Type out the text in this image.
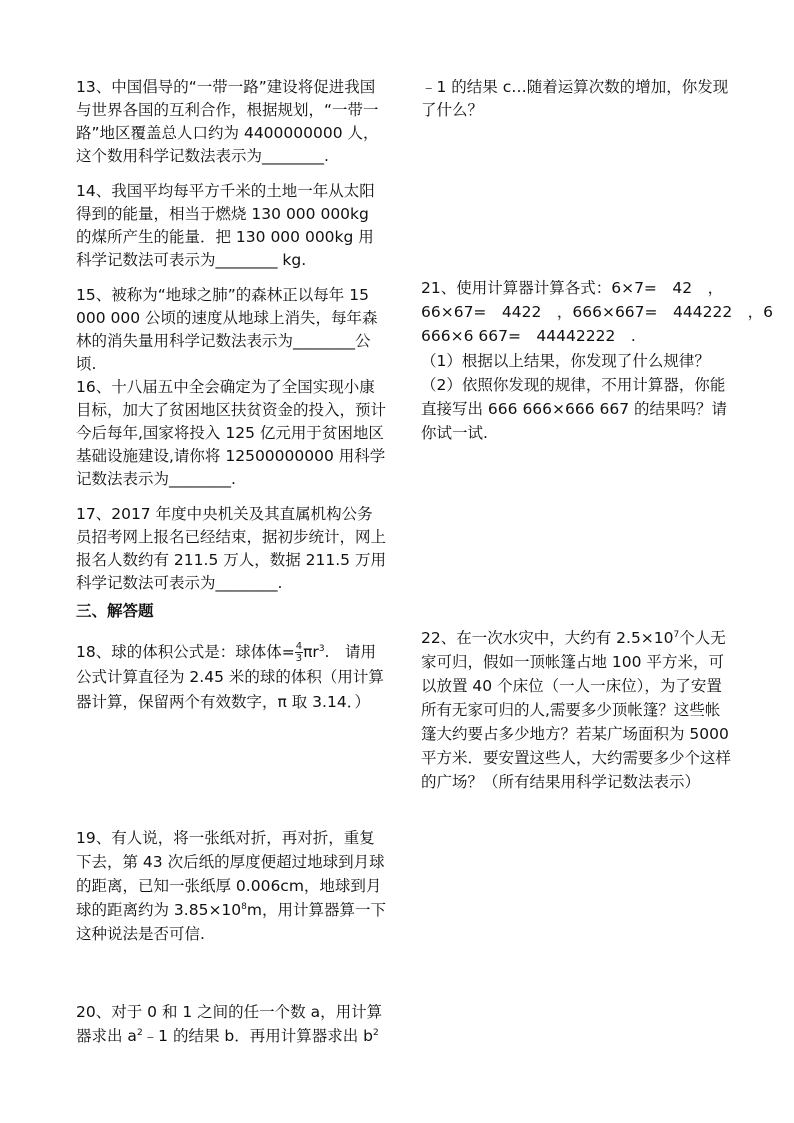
13、中国倡导的“一带一路”建设将促进我国与世界各国的互利合作，根据规划，“一带一路”地区覆盖总人口约为 4400000000 人，这个数用科学记数法表示为________.

14、我国平均每平方千米的土地一年从太阳得到的能量，相当于燃烧 130 000 000kg 的煤所产生的能量．把 130 000 000kg 用科学记数法可表示为________ kg.

15、被称为“地球之肺”的森林正以每年 15 000 000 公顷的速度从地球上消失，每年森林的消失量用科学记数法表示为________公顷.

16、十八届五中全会确定为了全国实现小康目标，加大了贫困地区扶贫资金的投入，预计今后每年,国家将投入 125 亿元用于贫困地区基础设施建设,请你将 12500000000 用科学记数法表示为________.

17、2017 年度中央机关及其直属机构公务员招考网上报名已经结束，据初步统计，网上报名人数约有 211.5 万人，数据 211.5 万用科学记数法可表示为________.

三、解答题

18、球的体积公式是：球体体= $\frac{4}{3} \pi r^3$.　请用公式计算直径为 2.45 米的球的体积（用计算器计算，保留两个有效数字，π 取 3.14．）

19、有人说，将一张纸对折，再对折，重复下去，第 43 次后纸的厚度便超过地球到月球的距离，已知一张纸厚 0.006cm，地球到月球的距离约为 $3.85\times 10^8m$，用计算器算一下这种说法是否可信.

20、对于 0 和 1 之间的任一个数 a，用计算器求出 $a^2﹣1$ 的结果 b．再用计算器求出 $b^2$

﹣1 的结果 c…随着运算次数的增加，你发现了什么？

21、使用计算器计算各式：6×7=　42　，

66×67=　4422　，666×667=　444222　，6

666×6 667=　44442222　.

（1）根据以上结果，你发现了什么规律？

（2）依照你发现的规律，不用计算器，你能直接写出 666 666×666 667 的结果吗？请你试一试.

22、在一次水灾中，大约有 $2.5\times 10^7$个人无家可归，假如一顶帐篷占地 100 平方米，可以放置 40 个床位（一人一床位），为了安置所有无家可归的人,需要多少顶帐篷？这些帐篷大约要占多少地方？若某广场面积为 5000 平方米．要安置这些人，大约需要多少个这样的广场？（所有结果用科学记数法表示）
